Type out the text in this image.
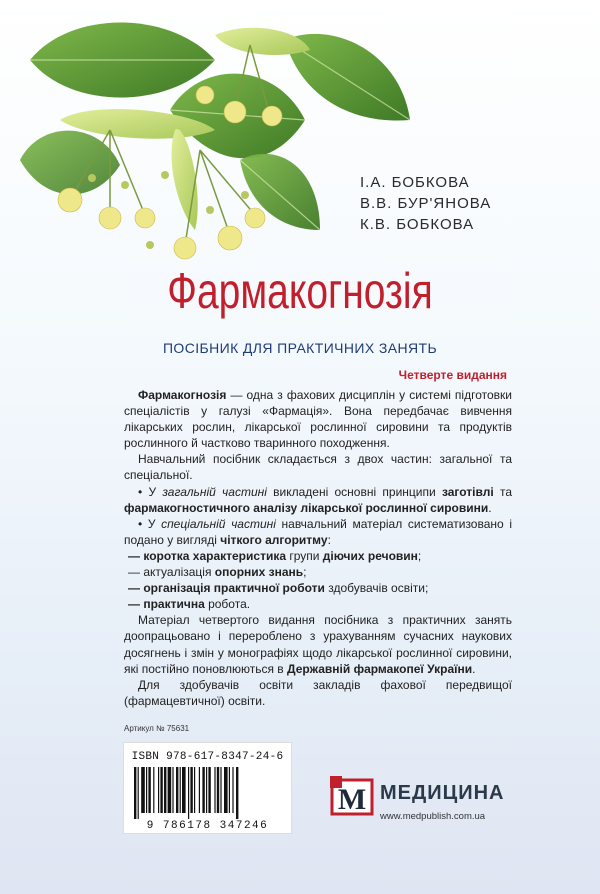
І.А. БОБКОВА
В.В. БУР'ЯНОВА
К.В. БОБКОВА
Фармакогнозія
ПОСІБНИК ДЛЯ ПРАКТИЧНИХ ЗАНЯТЬ
Четверте видання

Фармакогнозія — одна з фахових дисциплін у системі підготовки спеціалістів у галузі «Фармація». Вона передбачає вивчення лікарських рослин, лікарської рослинної сировини та продуктів рослинного й частково тваринного походження.

Навчальний посібник складається з двох частин: загальної та спеціальної.

• У загальній частині викладені основні принципи заготівлі та фармакогностичного аналізу лікарської рослинної сировини.

• У спеціальній частині навчальний матеріал систематизовано і подано у вигляді чіткого алгоритму:

— коротка характеристика групи діючих речовин;

— актуалізація опорних знань;

— організація практичної роботи здобувачів освіти;

— практична робота.

Матеріал четвертого видання посібника з практичних занять доопрацьовано і перероблено з урахуванням сучасних наукових досягнень і змін у монографіях щодо лікарської рослинної сировини, які постійно поновлюються в Державній фармакопеї України.

Для здобувачів освіти закладів фахової передвищої (фармацевтичної) освіти.

Артикул № 75631
ISBN 978-617-8347-24-6
9 786178 347246
M МЕДИЦИНА
www.medpublish.com.ua
